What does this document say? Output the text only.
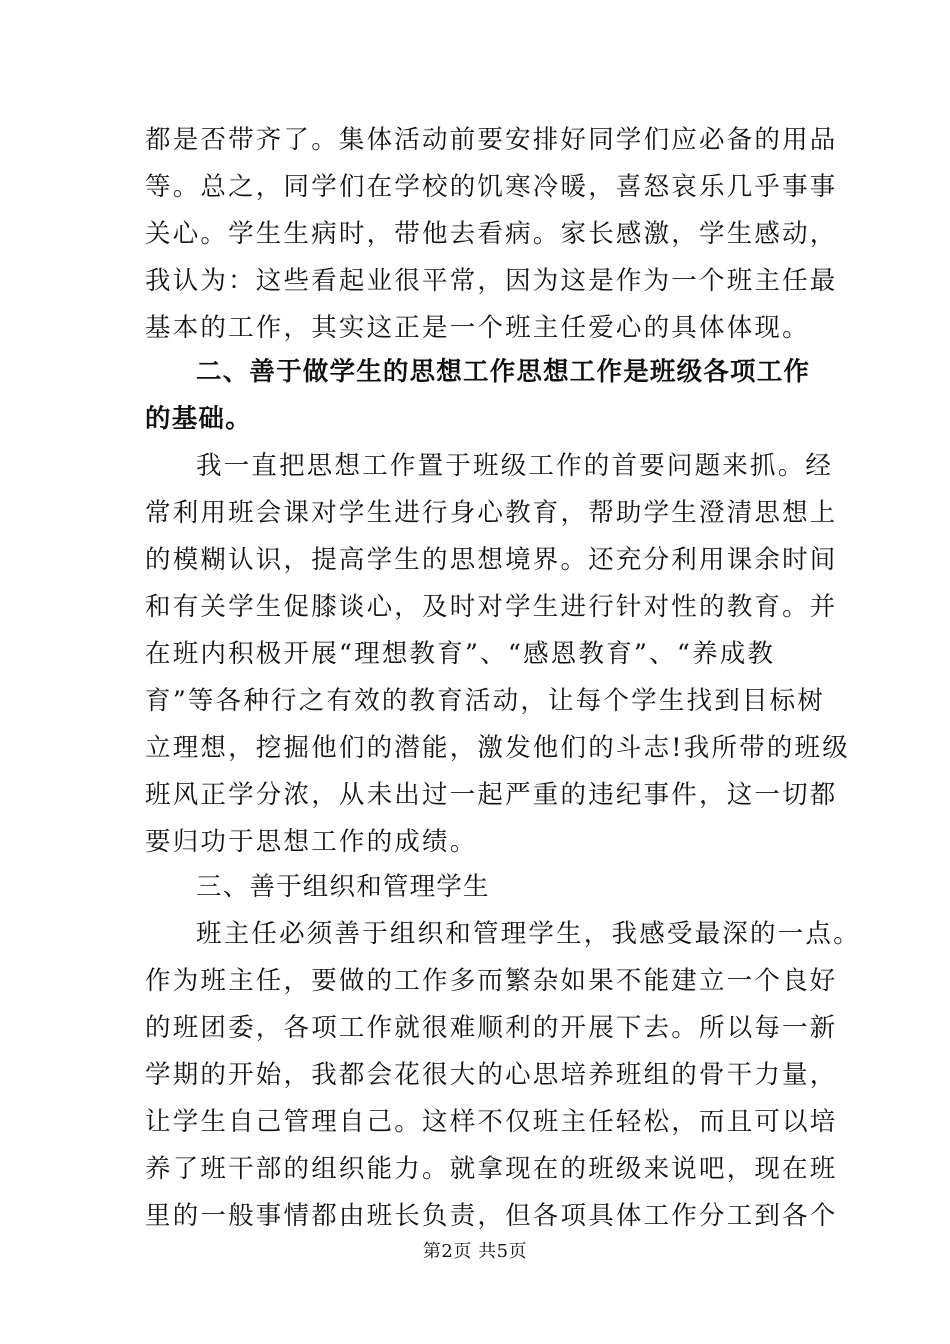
都是否带齐了。集体活动前要安排好同学们应必备的用品
等。总之，同学们在学校的饥寒冷暖，喜怒哀乐几乎事事
关心。学生生病时，带他去看病。家长感激，学生感动，
我认为：这些看起业很平常，因为这是作为一个班主任最
基本的工作，其实这正是一个班主任爱心的具体体现。
二、善于做学生的思想工作思想工作是班级各项工作
的基础。
我一直把思想工作置于班级工作的首要问题来抓。经
常利用班会课对学生进行身心教育，帮助学生澄清思想上
的模糊认识，提高学生的思想境界。还充分利用课余时间
和有关学生促膝谈心，及时对学生进行针对性的教育。并
在班内积极开展“理想教育”、“感恩教育”、“养成教
育”等各种行之有效的教育活动，让每个学生找到目标树
立理想，挖掘他们的潜能，激发他们的斗志!我所带的班级
班风正学分浓，从未出过一起严重的违纪事件，这一切都
要归功于思想工作的成绩。
三、善于组织和管理学生
班主任必须善于组织和管理学生，我感受最深的一点。
作为班主任，要做的工作多而繁杂如果不能建立一个良好
的班团委，各项工作就很难顺利的开展下去。所以每一新
学期的开始，我都会花很大的心思培养班组的骨干力量，
让学生自己管理自己。这样不仅班主任轻松，而且可以培
养了班干部的组织能力。就拿现在的班级来说吧，现在班
里的一般事情都由班长负责，但各项具体工作分工到各个
第2页 共5页
